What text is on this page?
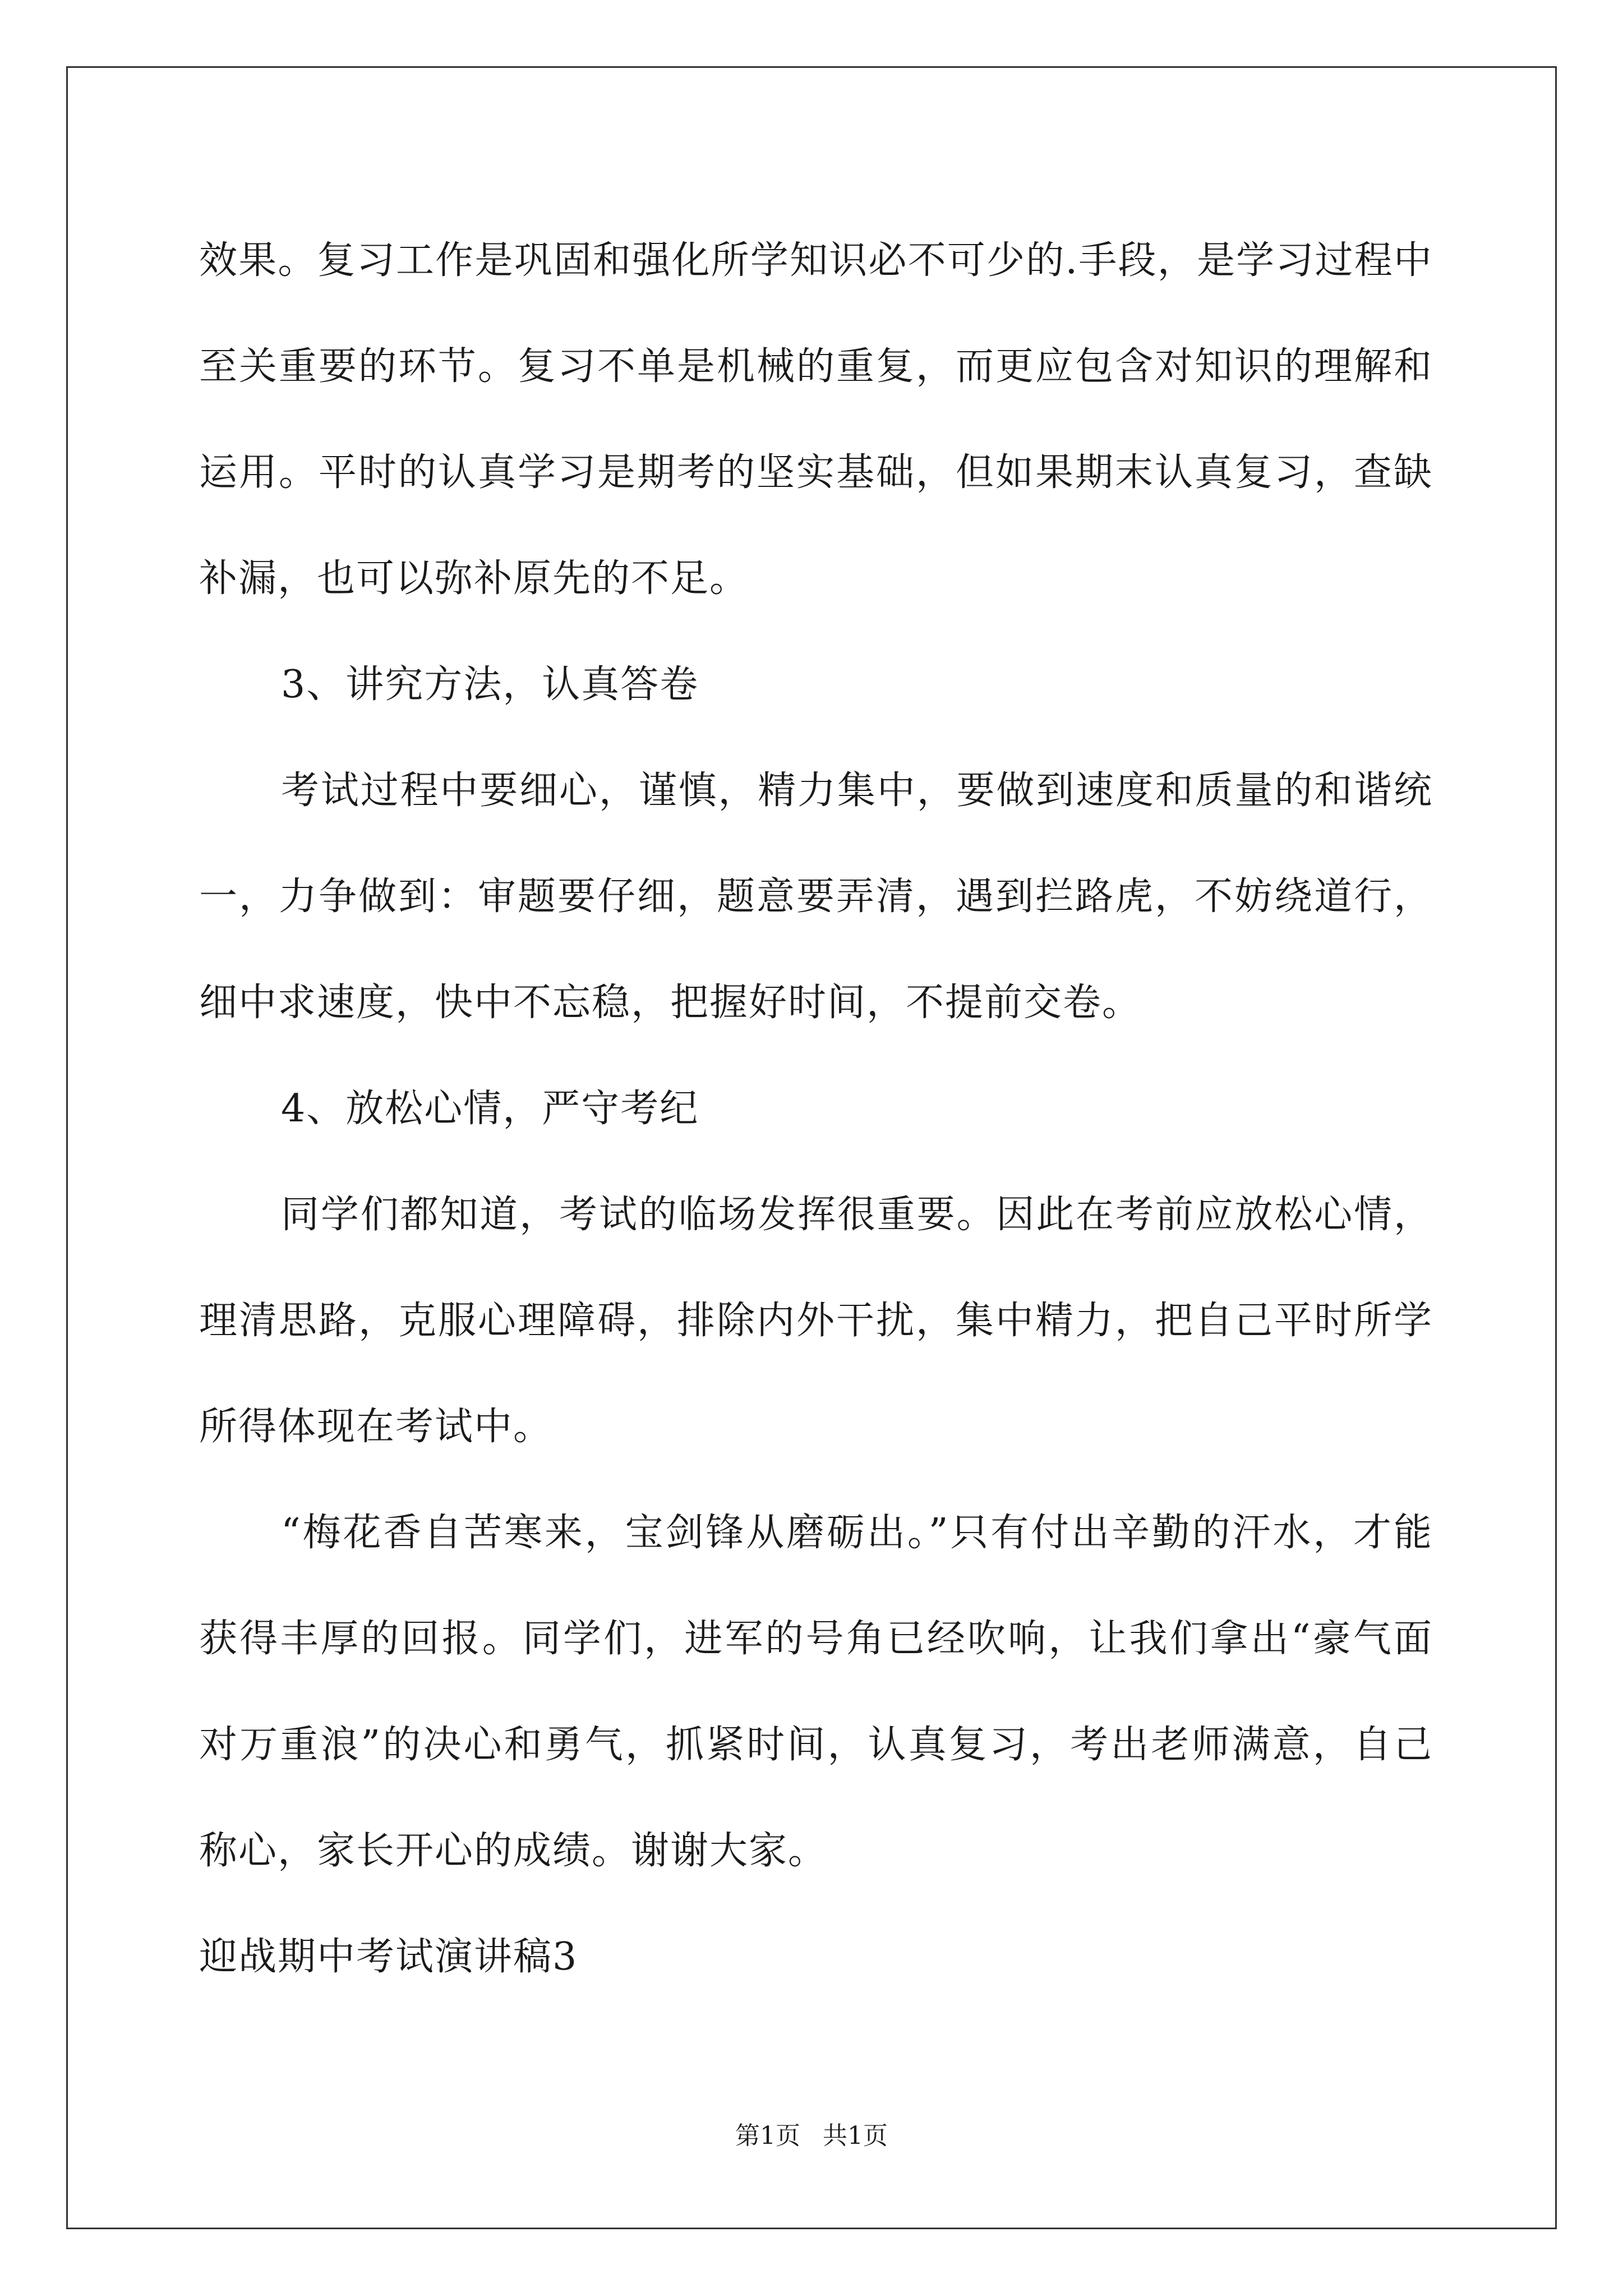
效果。复习工作是巩固和强化所学知识必不可少的.手段，是学习过程中至关重要的环节。复习不单是机械的重复，而更应包含对知识的理解和运用。平时的认真学习是期考的坚实基础，但如果期末认真复习，查缺补漏，也可以弥补原先的不足。

3、讲究方法，认真答卷

考试过程中要细心，谨慎，精力集中，要做到速度和质量的和谐统一，力争做到：审题要仔细，题意要弄清，遇到拦路虎，不妨绕道行，细中求速度，快中不忘稳，把握好时间，不提前交卷。

4、放松心情，严守考纪

同学们都知道，考试的临场发挥很重要。因此在考前应放松心情，理清思路，克服心理障碍，排除内外干扰，集中精力，把自己平时所学所得体现在考试中。

“梅花香自苦寒来，宝剑锋从磨砺出。”只有付出辛勤的汗水，才能获得丰厚的回报。同学们，进军的号角已经吹响，让我们拿出“豪气面对万重浪”的决心和勇气，抓紧时间，认真复习，考出老师满意，自己称心，家长开心的成绩。谢谢大家。

迎战期中考试演讲稿3

第1页 共1页
